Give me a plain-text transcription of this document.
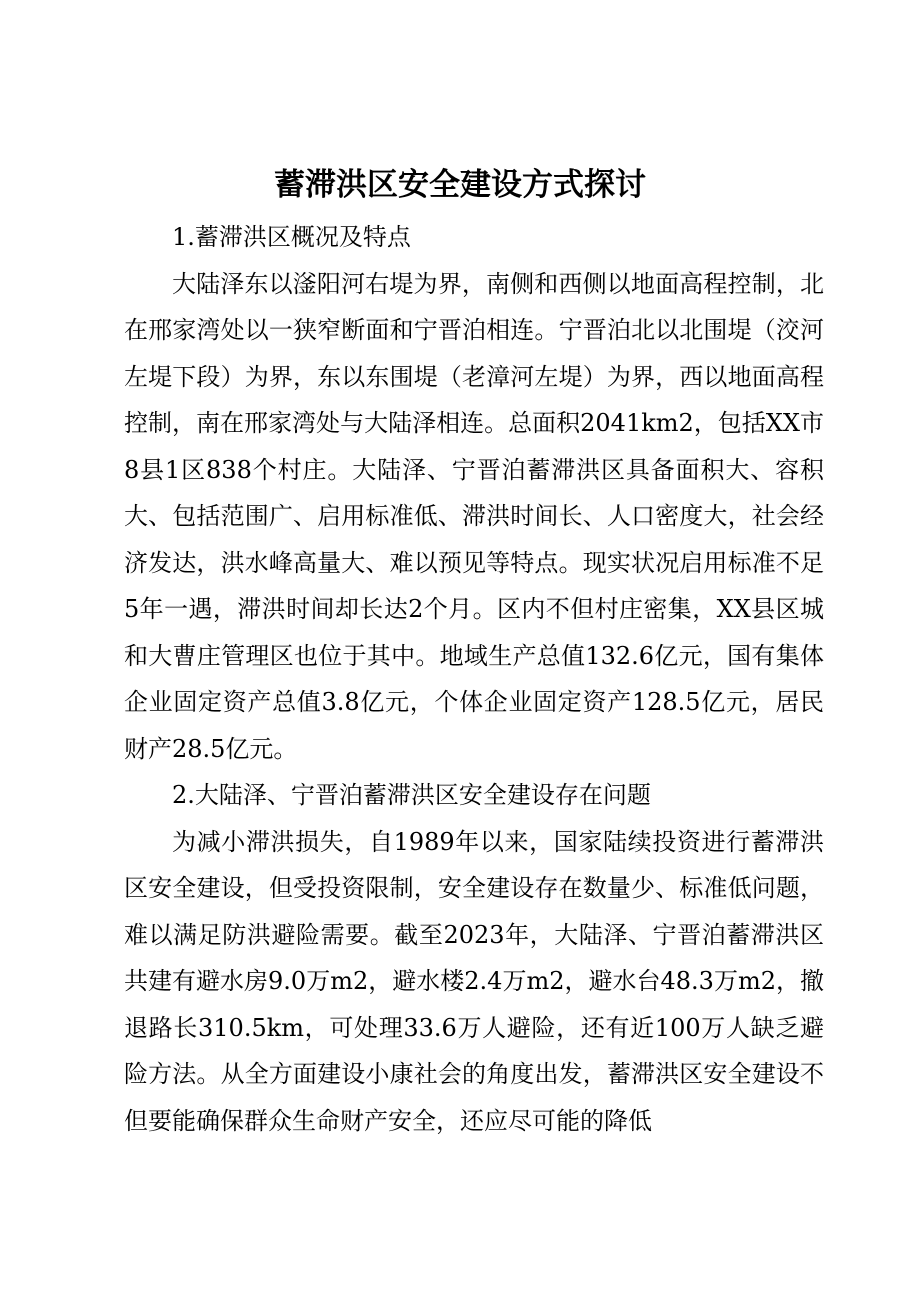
蓄滞洪区安全建设方式探讨

1.蓄滞洪区概况及特点

大陆泽东以滏阳河右堤为界，南侧和西侧以地面高程控制，北在邢家湾处以一狭窄断面和宁晋泊相连。宁晋泊北以北围堤（洨河左堤下段）为界，东以东围堤（老漳河左堤）为界，西以地面高程控制，南在邢家湾处与大陆泽相连。总面积2041km2，包括XX市8县1区838个村庄。大陆泽、宁晋泊蓄滞洪区具备面积大、容积大、包括范围广、启用标准低、滞洪时间长、人口密度大，社会经济发达，洪水峰高量大、难以预见等特点。现实状况启用标准不足5年一遇，滞洪时间却长达2个月。区内不但村庄密集，XX县区城和大曹庄管理区也位于其中。地域生产总值132.6亿元，国有集体企业固定资产总值3.8亿元，个体企业固定资产128.5亿元，居民财产28.5亿元。

2.大陆泽、宁晋泊蓄滞洪区安全建设存在问题

为减小滞洪损失，自1989年以来，国家陆续投资进行蓄滞洪区安全建设，但受投资限制，安全建设存在数量少、标准低问题，难以满足防洪避险需要。截至2023年，大陆泽、宁晋泊蓄滞洪区共建有避水房9.0万m2，避水楼2.4万m2，避水台48.3万m2，撤退路长310.5km，可处理33.6万人避险，还有近100万人缺乏避险方法。从全方面建设小康社会的角度出发，蓄滞洪区安全建设不但要能确保群众生命财产安全，还应尽可能的降低
